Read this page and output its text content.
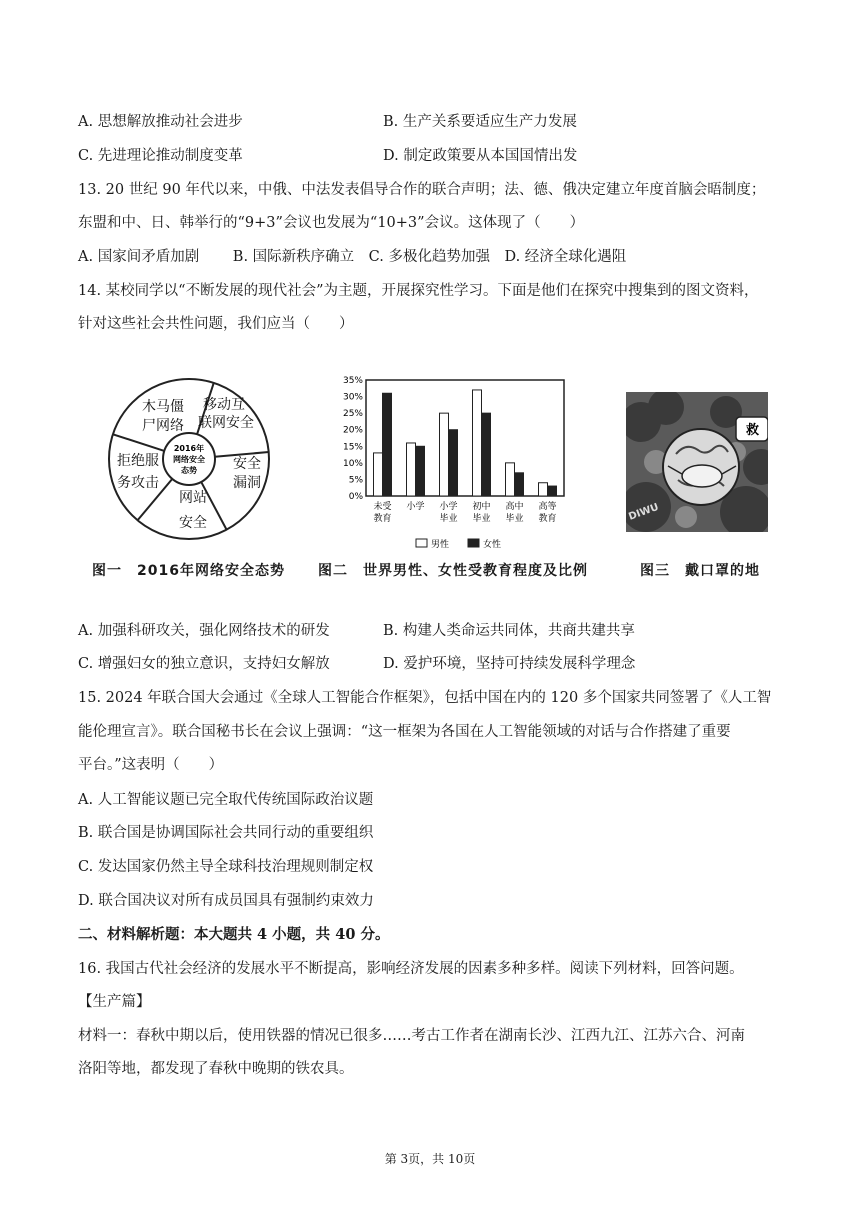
A. 思想解放推动社会进步	B. 生产关系要适应生产力发展
C. 先进理论推动制度变革	D. 制定政策要从本国国情出发
13. 20 世纪 90 年代以来，中俄、中法发表倡导合作的联合声明；法、德、俄决定建立年度首脑会晤制度；
东盟和中、日、韩举行的“9+3”会议也发展为“10+3”会议。这体现了（　　）
A. 国家间矛盾加剧　　 B. 国际新秩序确立　C. 多极化趋势加强　D. 经济全球化遇阻
14. 某校同学以“不断发展的现代社会”为主题，开展探究性学习。下面是他们在探究中搜集到的图文资料，
针对这些社会共性问题，我们应当（　　）
2016年
网络安全
态势
移动互
联网安全
安全
漏洞
网站
安全
拒绝服
务攻击
木马僵
尸网络
0%
5%
10%
15%
20%
25%
30%
35%
未受
教育
小学 小学
毕业
初中
毕业
高中
毕业
高等
教育
男性	女性
救
DIWU
图一　2016年网络安全态势 图二　世界男性、女性受教育程度及比例	图三　戴口罩的地
A. 加强科研攻关，强化网络技术的研发	B. 构建人类命运共同体，共商共建共享
C. 增强妇女的独立意识，支持妇女解放	D. 爱护环境，坚持可持续发展科学理念
15. 2024 年联合国大会通过《全球人工智能合作框架》，包括中国在内的 120 多个国家共同签署了《人工智
能伦理宣言》。联合国秘书长在会议上强调：“这一框架为各国在人工智能领域的对话与合作搭建了重要
平台。”这表明（　　）
A. 人工智能议题已完全取代传统国际政治议题
B. 联合国是协调国际社会共同行动的重要组织
C. 发达国家仍然主导全球科技治理规则制定权
D. 联合国决议对所有成员国具有强制约束效力
二、材料解析题：本大题共 4 小题，共 40 分。
16. 我国古代社会经济的发展水平不断提高，影响经济发展的因素多种多样。阅读下列材料，回答问题。
【生产篇】
材料一：春秋中期以后，使用铁器的情况已很多……考古工作者在湖南长沙、江西九江、江苏六合、河南
洛阳等地，都发现了春秋中晚期的铁农具。
第 3页，共 10页
